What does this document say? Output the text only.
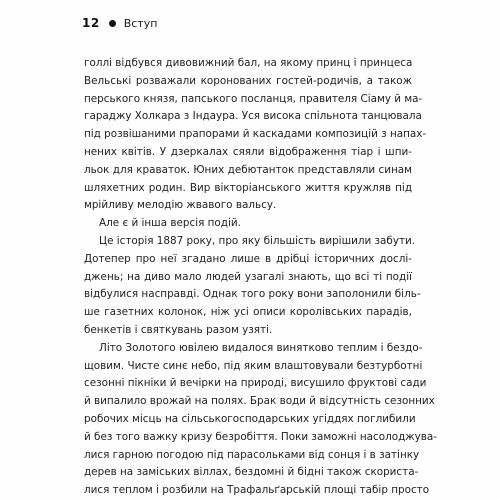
12 Вступ
голлі відбувся дивовижний бал, на якому принц і принцеса
Вельські розважали коронованих гостей-родичів, а також
перського князя, папського посланця, правителя Сіаму й ма-
гараджу Холкара з Індаура. Уся висока спільнота танцювала
під розвішаними прапорами й каскадами композицій з напах-
нених квітів. У дзеркалах сяяли відображення тіар і шпи-
льок для краваток. Юних дебютанток представляли синам
шляхетних родин. Вир вікторіанського життя кружляв під
мрійливу мелодію жвавого вальсу.
Але є й інша версія подій.
Це історія 1887 року, про яку більшість вирішили забути.
Дотепер про неї згадано лише в дрібці історичних дослі-
джень; на диво мало людей узагалі знають, що всі ті події
відбулися насправді. Однак того року вони заполонили біль-
ше газетних колонок, ніж усі описи королівських парадів,
бенкетів і святкувань разом узяті.
Літо Золотого ювілею видалося винятково теплим і бездо-
щовим. Чисте синє небо, під яким влаштовували безтурботні
сезонні пікніки й вечірки на природі, висушило фруктові сади
й випалило врожай на полях. Брак води й відсутність сезонних
робочих місць на сільськогосподарських угіддях поглибили
й без того важку кризу безробіття. Поки заможні насолоджува-
лися гарною погодою під парасольками від сонця і в затінку
дерев на заміських віллах, бездомні й бідні також скориста-
лися теплом і розбили на Трафальґарській площі табір просто
